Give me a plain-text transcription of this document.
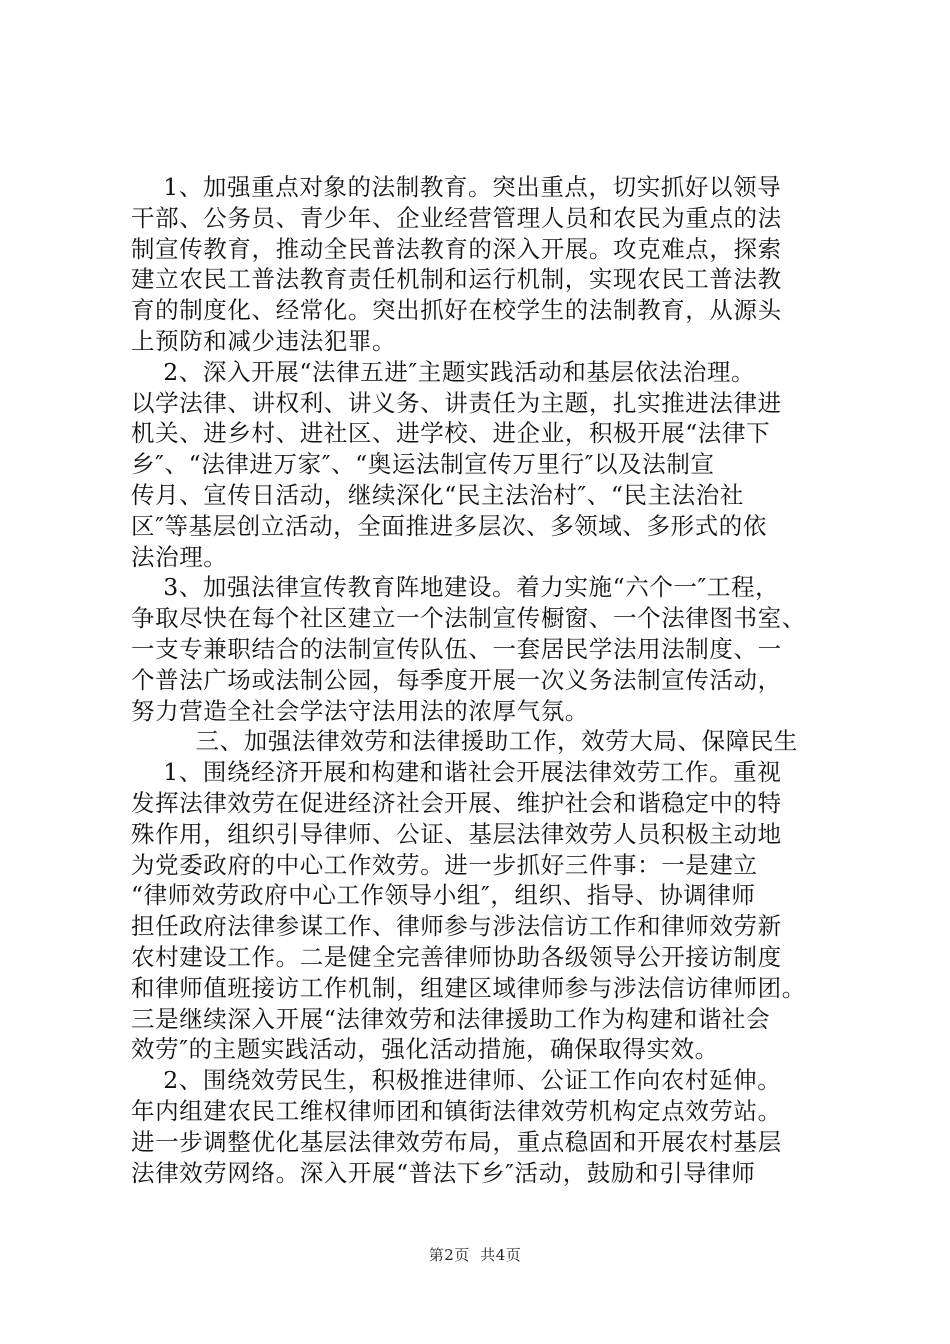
1、加强重点对象的法制教育。突出重点，切实抓好以领导
干部、公务员、青少年、企业经营管理人员和农民为重点的法
制宣传教育，推动全民普法教育的深入开展。攻克难点，探索
建立农民工普法教育责任机制和运行机制，实现农民工普法教
育的制度化、经常化。突出抓好在校学生的法制教育，从源头
上预防和减少违法犯罪。
2、深入开展“法律五进″主题实践活动和基层依法治理。
以学法律、讲权利、讲义务、讲责任为主题，扎实推进法律进
机关、进乡村、进社区、进学校、进企业，积极开展“法律下
乡″、“法律进万家″、“奥运法制宣传万里行″以及法制宣
传月、宣传日活动，继续深化“民主法治村″、“民主法治社
区″等基层创立活动，全面推进多层次、多领域、多形式的依
法治理。
3、加强法律宣传教育阵地建设。着力实施“六个一″工程，
争取尽快在每个社区建立一个法制宣传橱窗、一个法律图书室、
一支专兼职结合的法制宣传队伍、一套居民学法用法制度、一
个普法广场或法制公园，每季度开展一次义务法制宣传活动，
努力营造全社会学法守法用法的浓厚气氛。
三、加强法律效劳和法律援助工作，效劳大局、保障民生
1、围绕经济开展和构建和谐社会开展法律效劳工作。重视
发挥法律效劳在促进经济社会开展、维护社会和谐稳定中的特
殊作用，组织引导律师、公证、基层法律效劳人员积极主动地
为党委政府的中心工作效劳。进一步抓好三件事：一是建立
“律师效劳政府中心工作领导小组″，组织、指导、协调律师
担任政府法律参谋工作、律师参与涉法信访工作和律师效劳新
农村建设工作。二是健全完善律师协助各级领导公开接访制度
和律师值班接访工作机制，组建区域律师参与涉法信访律师团。
三是继续深入开展“法律效劳和法律援助工作为构建和谐社会
效劳″的主题实践活动，强化活动措施，确保取得实效。
2、围绕效劳民生，积极推进律师、公证工作向农村延伸。
年内组建农民工维权律师团和镇街法律效劳机构定点效劳站。
进一步调整优化基层法律效劳布局，重点稳固和开展农村基层
法律效劳网络。深入开展“普法下乡″活动，鼓励和引导律师
第2页  共4页
